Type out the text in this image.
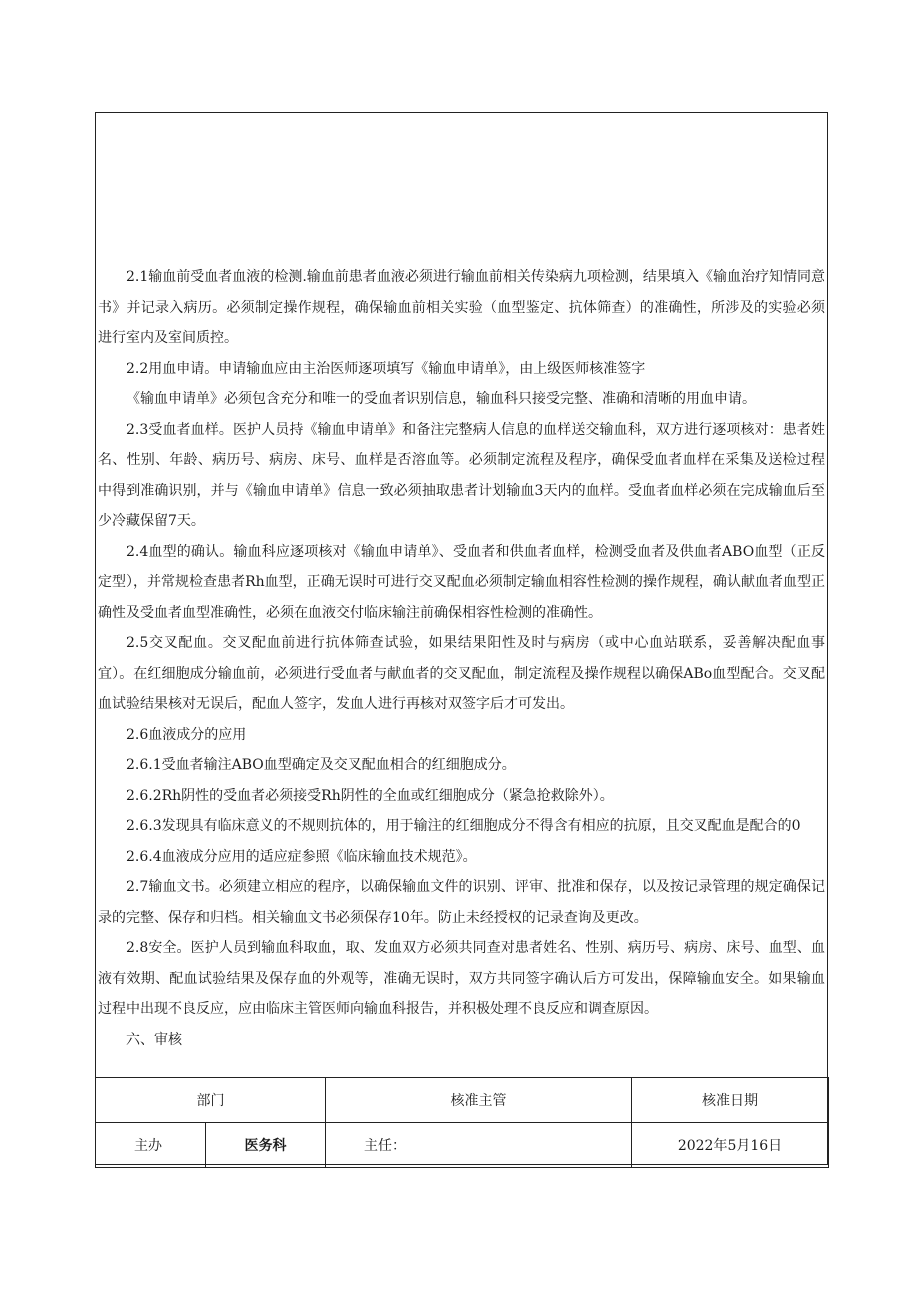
2.1输血前受血者血液的检测.输血前患者血液必须进行输血前相关传染病九项检测，结果填入《输血治疗知情同意书》并记录入病历。必须制定操作规程，确保输血前相关实验（血型鉴定、抗体筛查）的准确性，所涉及的实验必须进行室内及室间质控。

2.2用血申请。申请输血应由主治医师逐项填写《输血申请单》，由上级医师核准签字

《输血申请单》必须包含充分和唯一的受血者识别信息，输血科只接受完整、准确和清晰的用血申请。

2.3受血者血样。医护人员持《输血申请单》和备注完整病人信息的血样送交输血科，双方进行逐项核对：患者姓名、性别、年龄、病历号、病房、床号、血样是否溶血等。必须制定流程及程序，确保受血者血样在采集及送检过程中得到准确识别，并与《输血申请单》信息一致必须抽取患者计划输血3天内的血样。受血者血样必须在完成输血后至少冷藏保留7天。

2.4血型的确认。输血科应逐项核对《输血申请单》、受血者和供血者血样，检测受血者及供血者ABO血型（正反定型），并常规检查患者Rh血型，正确无误时可进行交叉配血必须制定输血相容性检测的操作规程，确认献血者血型正确性及受血者血型准确性，必须在血液交付临床输注前确保相容性检测的准确性。

2.5交叉配血。交叉配血前进行抗体筛查试验，如果结果阳性及时与病房（或中心血站联系，妥善解决配血事宜）。在红细胞成分输血前，必须进行受血者与献血者的交叉配血，制定流程及操作规程以确保ABo血型配合。交叉配血试验结果核对无误后，配血人签字，发血人进行再核对双签字后才可发出。

2.6血液成分的应用

2.6.1受血者输注ABO血型确定及交叉配血相合的红细胞成分。

2.6.2Rh阴性的受血者必须接受Rh阴性的全血或红细胞成分（紧急抢救除外）。

2.6.3发现具有临床意义的不规则抗体的，用于输注的红细胞成分不得含有相应的抗原，且交叉配血是配合的0

2.6.4血液成分应用的适应症参照《临床输血技术规范》。

2.7输血文书。必须建立相应的程序，以确保输血文件的识别、评审、批准和保存，以及按记录管理的规定确保记录的完整、保存和归档。相关输血文书必须保存10年。防止未经授权的记录查询及更改。

2.8安全。医护人员到输血科取血，取、发血双方必须共同查对患者姓名、性别、病历号、病房、床号、血型、血液有效期、配血试验结果及保存血的外观等，准确无误时，双方共同签字确认后方可发出，保障输血安全。如果输血过程中出现不良反应，应由临床主管医师向输血科报告，并积极处理不良反应和调查原因。

六、审核

部门		核准主管	核准日期
主办	医务科	主任：	2022年5月16日
